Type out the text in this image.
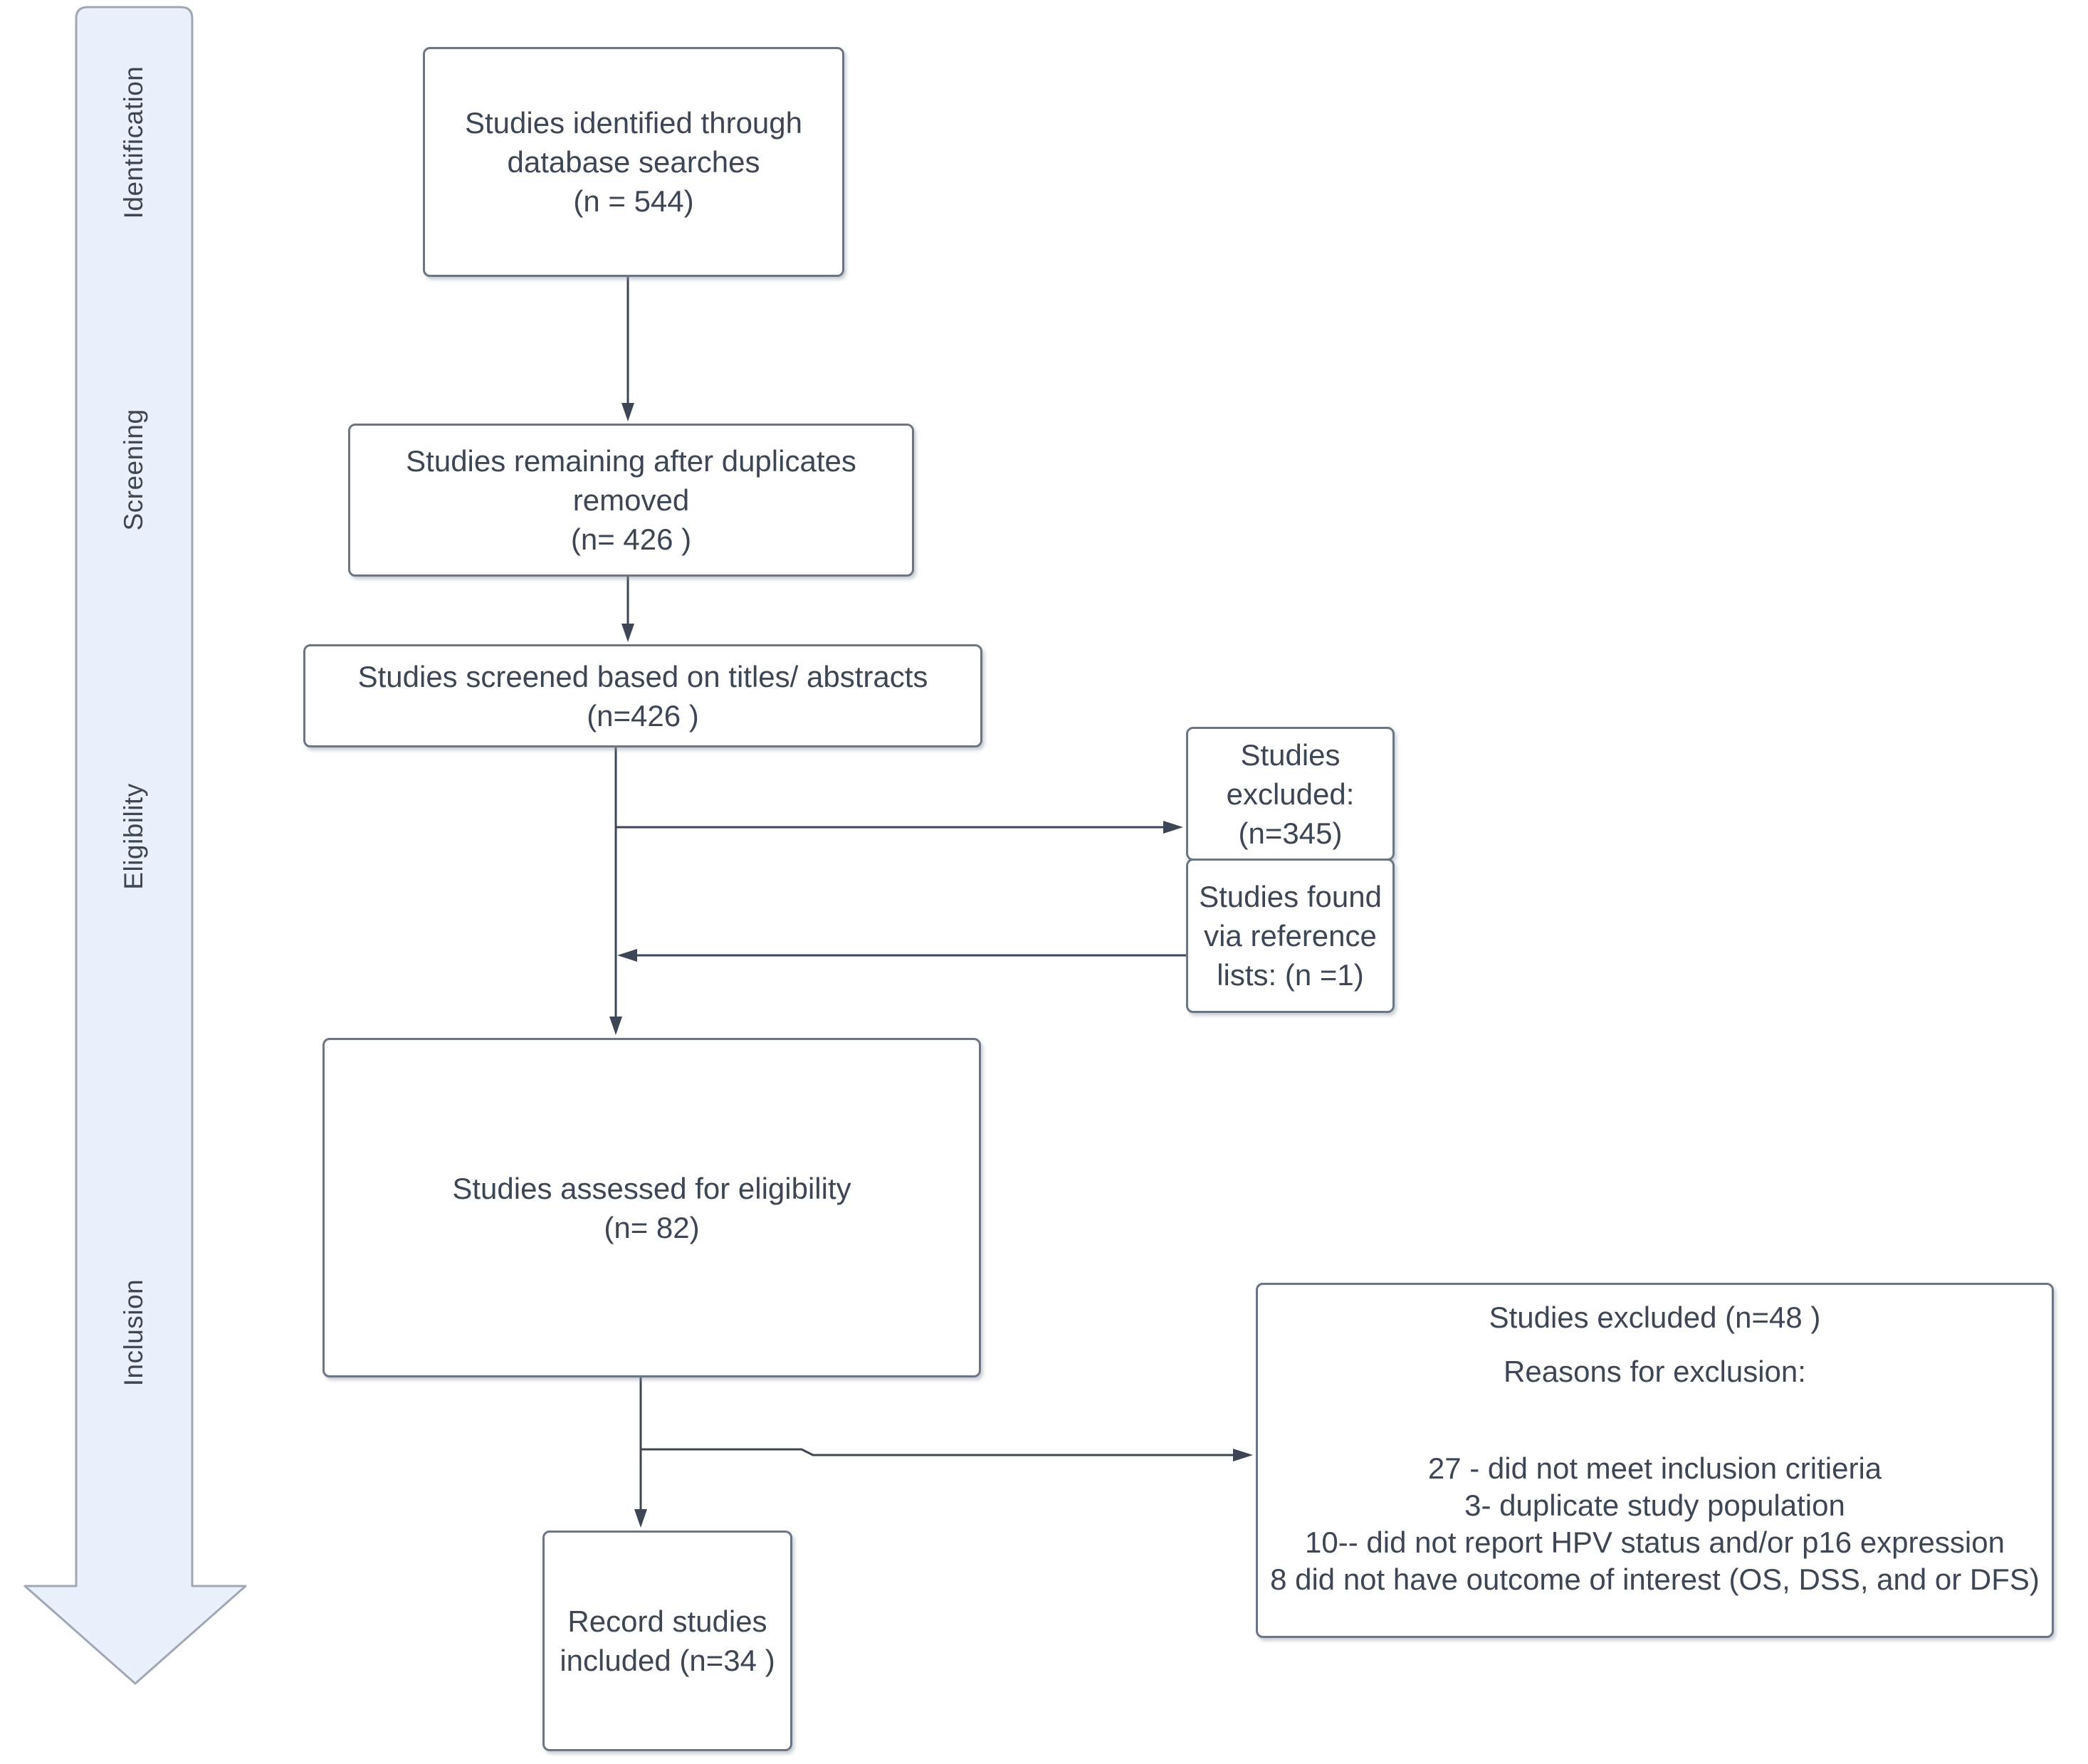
Identification
Screening
Eligibility
Inclusion
Studies identified through
database searches
(n = 544)
Studies remaining after duplicates
removed
(n= 426 )
Studies screened based on titles/ abstracts
(n=426 )
Studies
excluded:
(n=345)
Studies found
via reference
lists: (n =1)
Studies assessed for eligibility
(n= 82)
Studies excluded (n=48 )
Reasons for exclusion:
27 - did not meet inclusion critieria
3- duplicate study population
10-- did not report HPV status and/or p16 expression
8 did not have outcome of interest (OS, DSS, and or DFS)
Record studies
included (n=34 )
